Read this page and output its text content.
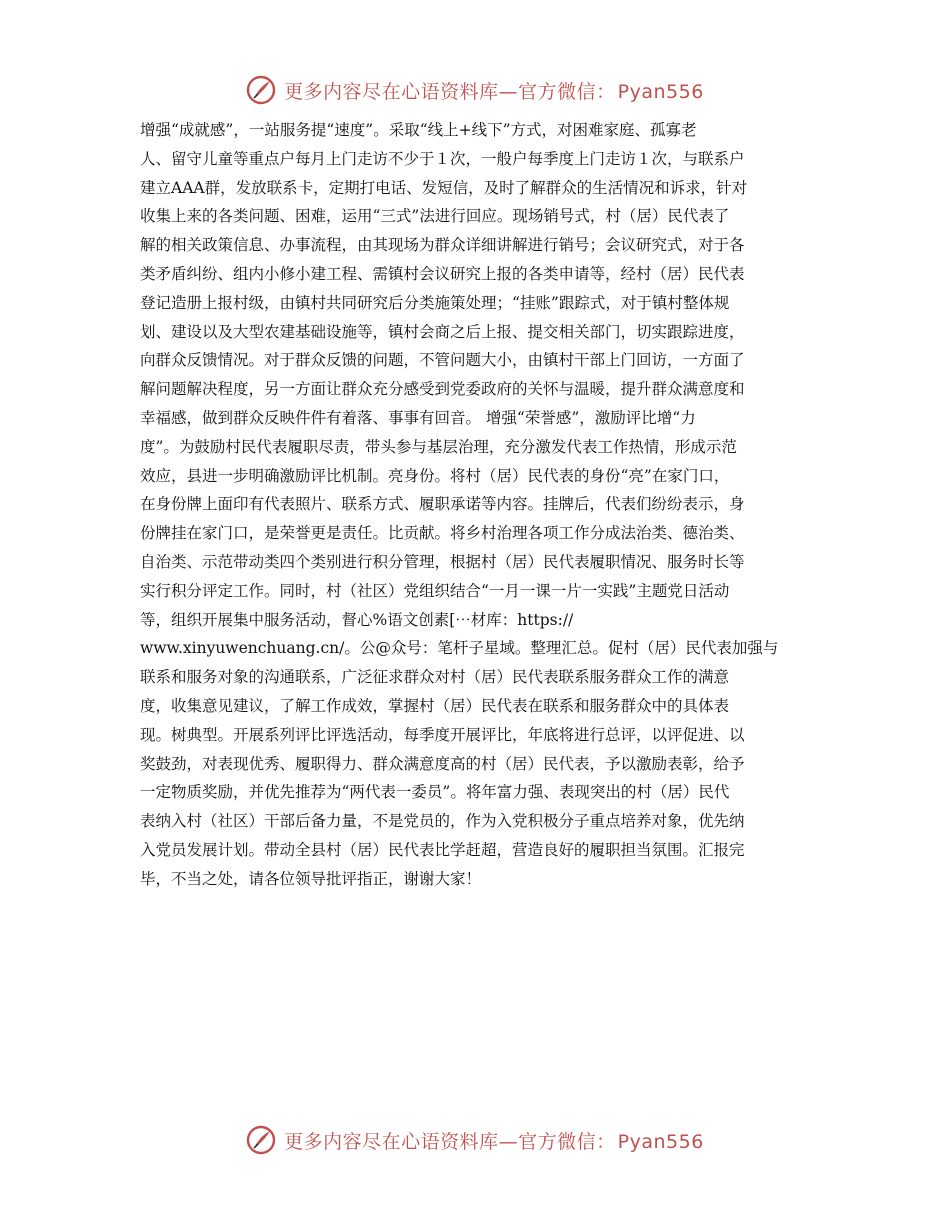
更多内容尽在心语资料库—官方微信： Pyan556
增强“成就感”，一站服务提“速度”。采取“线上+线下”方式，对困难家庭、孤寡老
人、留守儿童等重点户每月上门走访不少于１次，一般户每季度上门走访１次，与联系户
建立AAA群，发放联系卡，定期打电话、发短信，及时了解群众的生活情况和诉求，针对
收集上来的各类问题、困难，运用“三式”法进行回应。现场销号式，村（居）民代表了
解的相关政策信息、办事流程，由其现场为群众详细讲解进行销号；会议研究式，对于各
类矛盾纠纷、组内小修小建工程、需镇村会议研究上报的各类申请等，经村（居）民代表
登记造册上报村级，由镇村共同研究后分类施策处理；“挂账”跟踪式，对于镇村整体规
划、建设以及大型农建基础设施等，镇村会商之后上报、提交相关部门，切实跟踪进度，
向群众反馈情况。对于群众反馈的问题，不管问题大小，由镇村干部上门回访，一方面了
解问题解决程度，另一方面让群众充分感受到党委政府的关怀与温暖，提升群众满意度和
幸福感，做到群众反映件件有着落、事事有回音。 增强“荣誉感”，激励评比增“力
度”。为鼓励村民代表履职尽责，带头参与基层治理，充分激发代表工作热情，形成示范
效应，县进一步明确激励评比机制。亮身份。将村（居）民代表的身份“亮”在家门口，
在身份牌上面印有代表照片、联系方式、履职承诺等内容。挂牌后，代表们纷纷表示，身
份牌挂在家门口，是荣誉更是责任。比贡献。将乡村治理各项工作分成法治类、德治类、
自治类、示范带动类四个类别进行积分管理，根据村（居）民代表履职情况、服务时长等
实行积分评定工作。同时，村（社区）党组织结合“一月一课一片一实践”主题党日活动
等，组织开展集中服务活动，督心%语文创素[⋯材库：https://
www.xinyuwenchuang.cn/。公@众号：笔杆子星域。整理汇总。促村（居）民代表加强与
联系和服务对象的沟通联系，广泛征求群众对村（居）民代表联系服务群众工作的满意
度，收集意见建议，了解工作成效，掌握村（居）民代表在联系和服务群众中的具体表
现。树典型。开展系列评比评选活动，每季度开展评比，年底将进行总评，以评促进、以
奖鼓劲，对表现优秀、履职得力、群众满意度高的村（居）民代表，予以激励表彰，给予
一定物质奖励，并优先推荐为“两代表一委员”。将年富力强、表现突出的村（居）民代
表纳入村（社区）干部后备力量，不是党员的，作为入党积极分子重点培养对象，优先纳
入党员发展计划。带动全县村（居）民代表比学赶超，营造良好的履职担当氛围。汇报完
毕，不当之处，请各位领导批评指正，谢谢大家！
更多内容尽在心语资料库—官方微信： Pyan556
